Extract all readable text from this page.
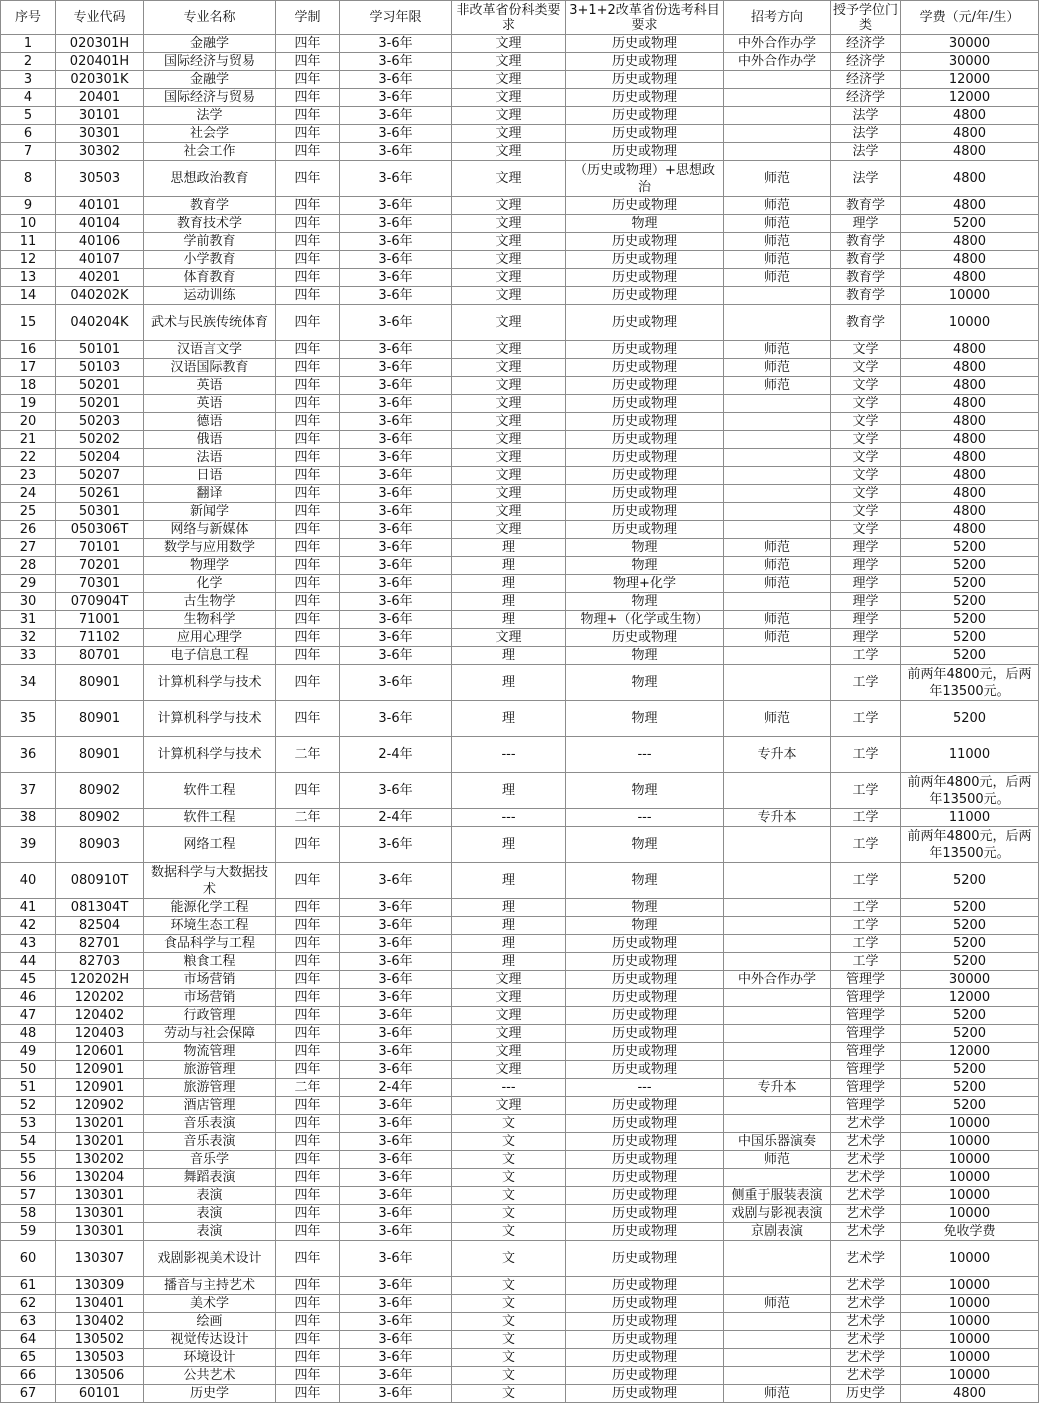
序号	专业代码	专业名称	学制	学习年限	非改革省份科类要求	3+1+2改革省份选考科目要求	招考方向	授予学位门类	学费（元/年/生）
1	020301H	金融学	四年	3-6年	文理	历史或物理	中外合作办学	经济学	30000
2	020401H	国际经济与贸易	四年	3-6年	文理	历史或物理	中外合作办学	经济学	30000
3	020301K	金融学	四年	3-6年	文理	历史或物理		经济学	12000
4	20401	国际经济与贸易	四年	3-6年	文理	历史或物理		经济学	12000
5	30101	法学	四年	3-6年	文理	历史或物理		法学	4800
6	30301	社会学	四年	3-6年	文理	历史或物理		法学	4800
7	30302	社会工作	四年	3-6年	文理	历史或物理		法学	4800
8	30503	思想政治教育	四年	3-6年	文理	（历史或物理）+思想政治	师范	法学	4800
9	40101	教育学	四年	3-6年	文理	历史或物理	师范	教育学	4800
10	40104	教育技术学	四年	3-6年	文理	物理	师范	理学	5200
11	40106	学前教育	四年	3-6年	文理	历史或物理	师范	教育学	4800
12	40107	小学教育	四年	3-6年	文理	历史或物理	师范	教育学	4800
13	40201	体育教育	四年	3-6年	文理	历史或物理	师范	教育学	4800
14	040202K	运动训练	四年	3-6年	文理	历史或物理		教育学	10000
15	040204K	武术与民族传统体育	四年	3-6年	文理	历史或物理		教育学	10000
16	50101	汉语言文学	四年	3-6年	文理	历史或物理	师范	文学	4800
17	50103	汉语国际教育	四年	3-6年	文理	历史或物理	师范	文学	4800
18	50201	英语	四年	3-6年	文理	历史或物理	师范	文学	4800
19	50201	英语	四年	3-6年	文理	历史或物理		文学	4800
20	50203	德语	四年	3-6年	文理	历史或物理		文学	4800
21	50202	俄语	四年	3-6年	文理	历史或物理		文学	4800
22	50204	法语	四年	3-6年	文理	历史或物理		文学	4800
23	50207	日语	四年	3-6年	文理	历史或物理		文学	4800
24	50261	翻译	四年	3-6年	文理	历史或物理		文学	4800
25	50301	新闻学	四年	3-6年	文理	历史或物理		文学	4800
26	050306T	网络与新媒体	四年	3-6年	文理	历史或物理		文学	4800
27	70101	数学与应用数学	四年	3-6年	理	物理	师范	理学	5200
28	70201	物理学	四年	3-6年	理	物理	师范	理学	5200
29	70301	化学	四年	3-6年	理	物理+化学	师范	理学	5200
30	070904T	古生物学	四年	3-6年	理	物理		理学	5200
31	71001	生物科学	四年	3-6年	理	物理+（化学或生物）	师范	理学	5200
32	71102	应用心理学	四年	3-6年	文理	历史或物理	师范	理学	5200
33	80701	电子信息工程	四年	3-6年	理	物理		工学	5200
34	80901	计算机科学与技术	四年	3-6年	理	物理		工学	前两年4800元，后两年13500元。
35	80901	计算机科学与技术	四年	3-6年	理	物理	师范	工学	5200
36	80901	计算机科学与技术	二年	2-4年	---	---	专升本	工学	11000
37	80902	软件工程	四年	3-6年	理	物理		工学	前两年4800元，后两年13500元。
38	80902	软件工程	二年	2-4年	---	---	专升本	工学	11000
39	80903	网络工程	四年	3-6年	理	物理		工学	前两年4800元，后两年13500元。
40	080910T	数据科学与大数据技术	四年	3-6年	理	物理		工学	5200
41	081304T	能源化学工程	四年	3-6年	理	物理		工学	5200
42	82504	环境生态工程	四年	3-6年	理	物理		工学	5200
43	82701	食品科学与工程	四年	3-6年	理	历史或物理		工学	5200
44	82703	粮食工程	四年	3-6年	理	历史或物理		工学	5200
45	120202H	市场营销	四年	3-6年	文理	历史或物理	中外合作办学	管理学	30000
46	120202	市场营销	四年	3-6年	文理	历史或物理		管理学	12000
47	120402	行政管理	四年	3-6年	文理	历史或物理		管理学	5200
48	120403	劳动与社会保障	四年	3-6年	文理	历史或物理		管理学	5200
49	120601	物流管理	四年	3-6年	文理	历史或物理		管理学	12000
50	120901	旅游管理	四年	3-6年	文理	历史或物理		管理学	5200
51	120901	旅游管理	二年	2-4年	---	---	专升本	管理学	5200
52	120902	酒店管理	四年	3-6年	文理	历史或物理		管理学	5200
53	130201	音乐表演	四年	3-6年	文	历史或物理		艺术学	10000
54	130201	音乐表演	四年	3-6年	文	历史或物理	中国乐器演奏	艺术学	10000
55	130202	音乐学	四年	3-6年	文	历史或物理	师范	艺术学	10000
56	130204	舞蹈表演	四年	3-6年	文	历史或物理		艺术学	10000
57	130301	表演	四年	3-6年	文	历史或物理	侧重于服装表演	艺术学	10000
58	130301	表演	四年	3-6年	文	历史或物理	戏剧与影视表演	艺术学	10000
59	130301	表演	四年	3-6年	文	历史或物理	京剧表演	艺术学	免收学费
60	130307	戏剧影视美术设计	四年	3-6年	文	历史或物理		艺术学	10000
61	130309	播音与主持艺术	四年	3-6年	文	历史或物理		艺术学	10000
62	130401	美术学	四年	3-6年	文	历史或物理	师范	艺术学	10000
63	130402	绘画	四年	3-6年	文	历史或物理		艺术学	10000
64	130502	视觉传达设计	四年	3-6年	文	历史或物理		艺术学	10000
65	130503	环境设计	四年	3-6年	文	历史或物理		艺术学	10000
66	130506	公共艺术	四年	3-6年	文	历史或物理		艺术学	10000
67	60101	历史学	四年	3-6年	文	历史或物理	师范	历史学	4800
